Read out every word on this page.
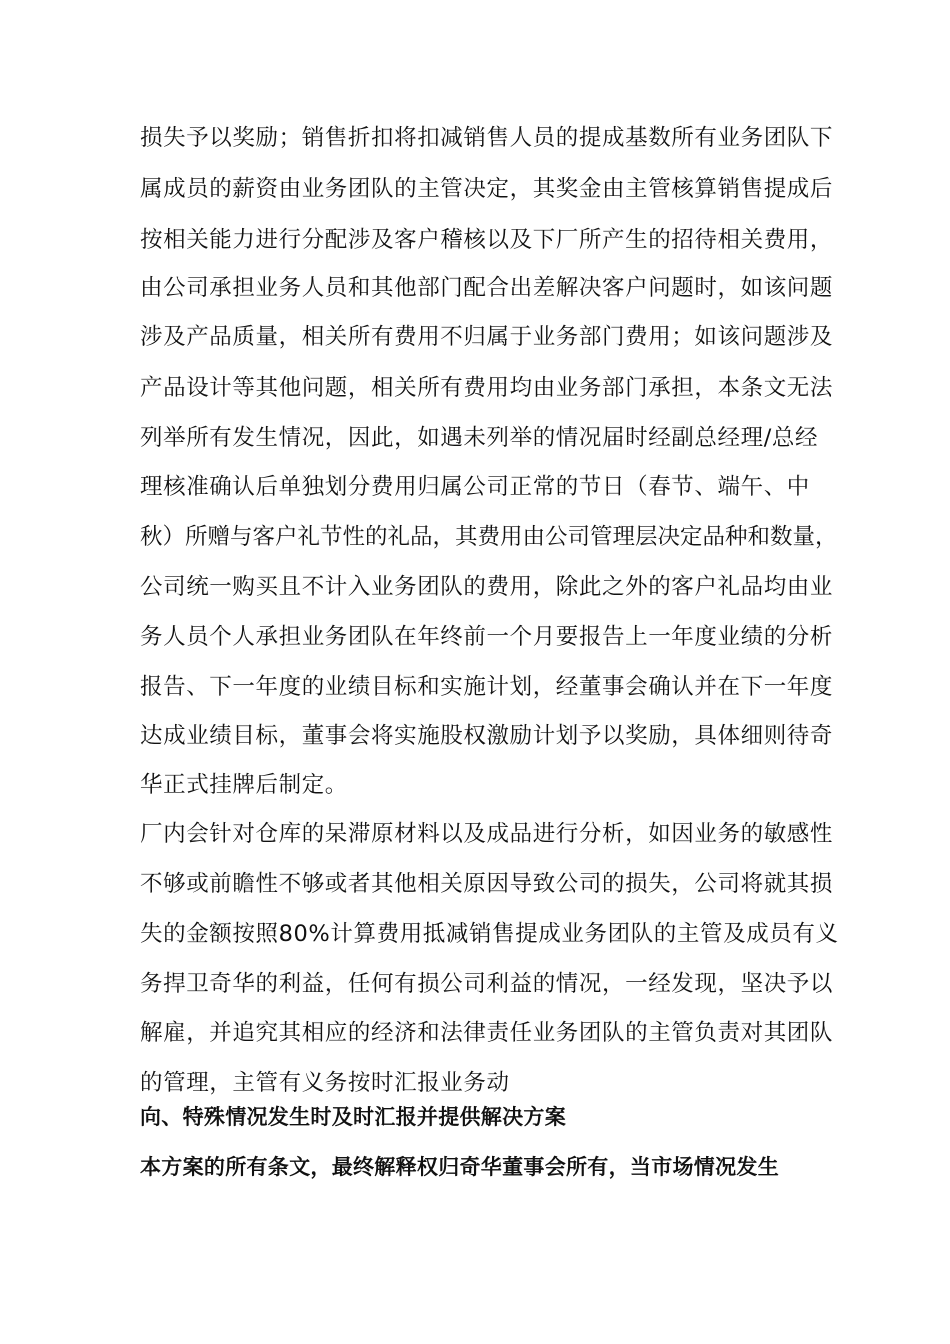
损失予以奖励；销售折扣将扣减销售人员的提成基数所有业务团队下
属成员的薪资由业务团队的主管决定，其奖金由主管核算销售提成后
按相关能力进行分配涉及客户稽核以及下厂所产生的招待相关费用，
由公司承担业务人员和其他部门配合出差解决客户问题时，如该问题
涉及产品质量，相关所有费用不归属于业务部门费用；如该问题涉及
产品设计等其他问题，相关所有费用均由业务部门承担，本条文无法
列举所有发生情况，因此，如遇未列举的情况届时经副总经理/总经
理核准确认后单独划分费用归属公司正常的节日（春节、端午、中
秋）所赠与客户礼节性的礼品，其费用由公司管理层决定品种和数量，
公司统一购买且不计入业务团队的费用，除此之外的客户礼品均由业
务人员个人承担业务团队在年终前一个月要报告上一年度业绩的分析
报告、下一年度的业绩目标和实施计划，经董事会确认并在下一年度
达成业绩目标，董事会将实施股权激励计划予以奖励，具体细则待奇
华正式挂牌后制定。
厂内会针对仓库的呆滞原材料以及成品进行分析，如因业务的敏感性
不够或前瞻性不够或者其他相关原因导致公司的损失，公司将就其损
失的金额按照80%计算费用抵减销售提成业务团队的主管及成员有义
务捍卫奇华的利益，任何有损公司利益的情况，一经发现，坚决予以
解雇，并追究其相应的经济和法律责任业务团队的主管负责对其团队
的管理，主管有义务按时汇报业务动
向、特殊情况发生时及时汇报并提供解决方案
本方案的所有条文，最终解释权归奇华董事会所有，当市场情况发生
